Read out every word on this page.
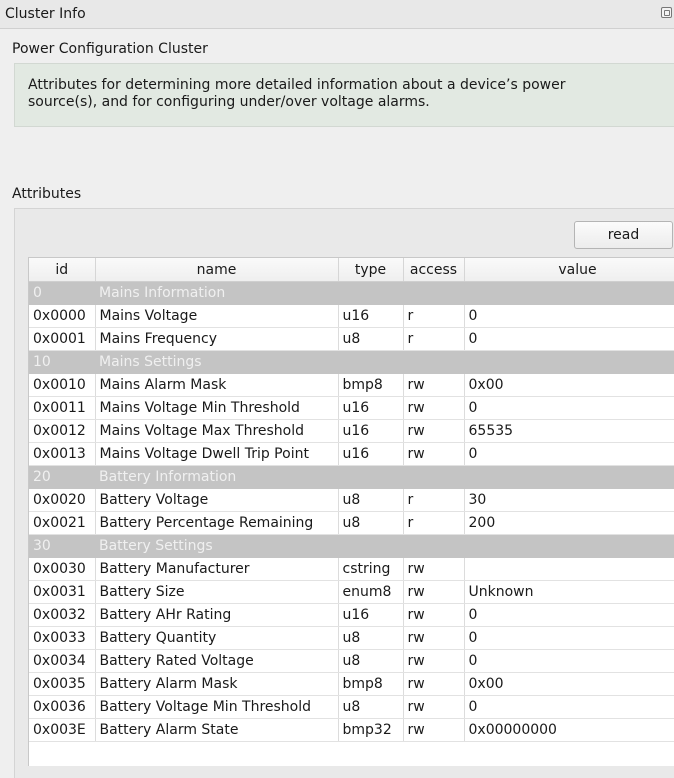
Cluster Info
Power Configuration Cluster
Attributes for determining more detailed information about a device’s power source(s), and for configuring under/over voltage alarms.
Attributes
read
id	name	type	access	value
0	Mains Information			
0x0000	Mains Voltage	u16	r	0
0x0001	Mains Frequency	u8	r	0
10	Mains Settings			
0x0010	Mains Alarm Mask	bmp8	rw	0x00
0x0011	Mains Voltage Min Threshold	u16	rw	0
0x0012	Mains Voltage Max Threshold	u16	rw	65535
0x0013	Mains Voltage Dwell Trip Point	u16	rw	0
20	Battery Information			
0x0020	Battery Voltage	u8	r	30
0x0021	Battery Percentage Remaining	u8	r	200
30	Battery Settings			
0x0030	Battery Manufacturer	cstring	rw	
0x0031	Battery Size	enum8	rw	Unknown
0x0032	Battery AHr Rating	u16	rw	0
0x0033	Battery Quantity	u8	rw	0
0x0034	Battery Rated Voltage	u8	rw	0
0x0035	Battery Alarm Mask	bmp8	rw	0x00
0x0036	Battery Voltage Min Threshold	u8	rw	0
0x003E	Battery Alarm State	bmp32	rw	0x00000000
